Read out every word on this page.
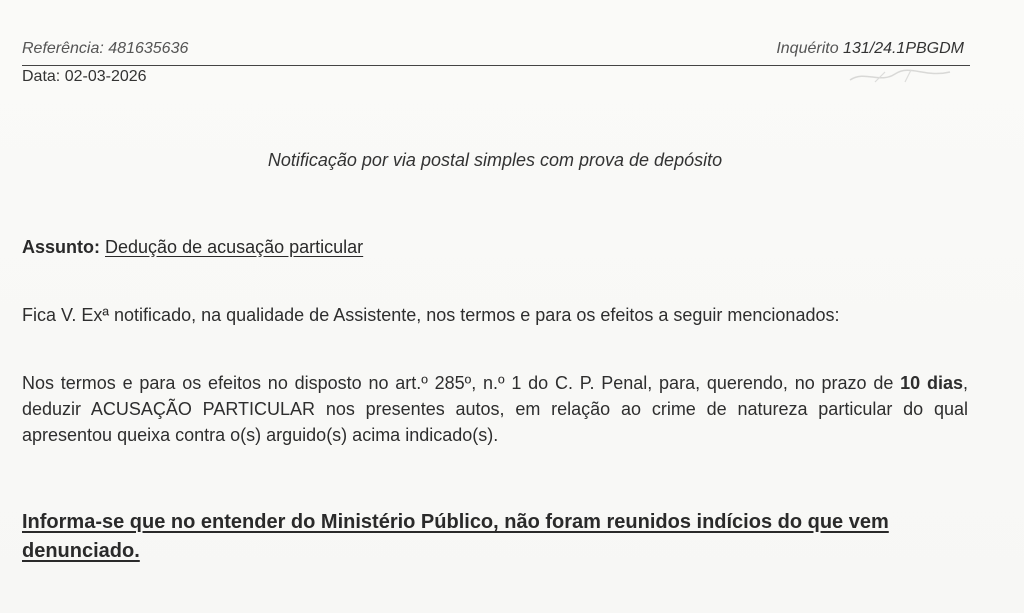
Referência: 481635636	Inquérito 131/24.1PBGDM
Data: 02-03-2026
Notificação por via postal simples com prova de depósito
Assunto: Dedução de acusação particular
Fica V. Exª notificado, na qualidade de Assistente, nos termos e para os efeitos a seguir mencionados:
Nos termos e para os efeitos no disposto no art.º 285º, n.º 1 do C. P. Penal, para, querendo, no prazo de 10 dias, deduzir ACUSAÇÃO PARTICULAR nos presentes autos, em relação ao crime de natureza particular do qual apresentou queixa contra o(s) arguido(s) acima indicado(s).
Informa-se que no entender do Ministério Público, não foram reunidos indícios do que vem denunciado.
